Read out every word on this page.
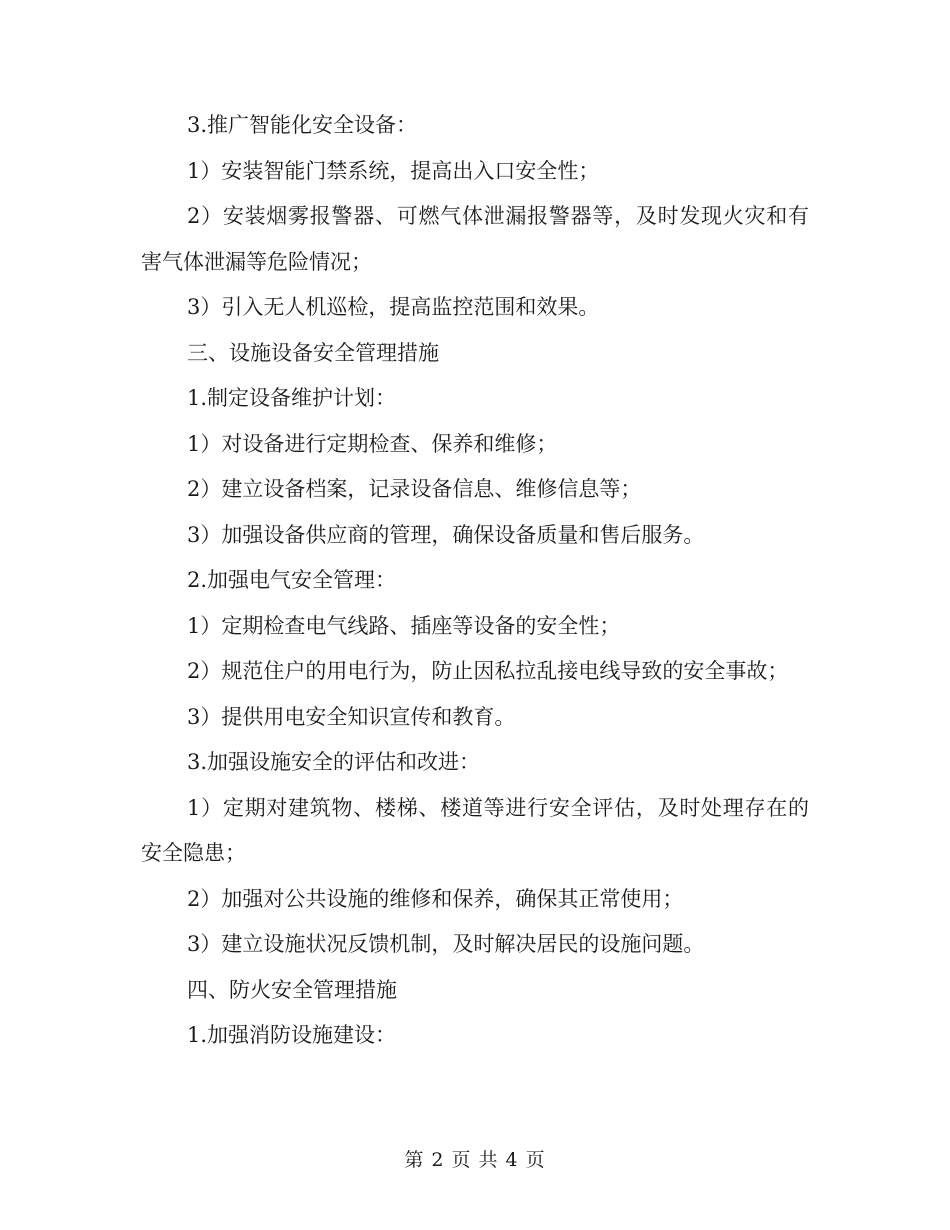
3.推广智能化安全设备：

1）安装智能门禁系统，提高出入口安全性；

2）安装烟雾报警器、可燃气体泄漏报警器等，及时发现火灾和有害气体泄漏等危险情况；

3）引入无人机巡检，提高监控范围和效果。

三、设施设备安全管理措施

1.制定设备维护计划：

1）对设备进行定期检查、保养和维修；

2）建立设备档案，记录设备信息、维修信息等；

3）加强设备供应商的管理，确保设备质量和售后服务。

2.加强电气安全管理：

1）定期检查电气线路、插座等设备的安全性；

2）规范住户的用电行为，防止因私拉乱接电线导致的安全事故；

3）提供用电安全知识宣传和教育。

3.加强设施安全的评估和改进：

1）定期对建筑物、楼梯、楼道等进行安全评估，及时处理存在的安全隐患；

2）加强对公共设施的维修和保养，确保其正常使用；

3）建立设施状况反馈机制，及时解决居民的设施问题。

四、防火安全管理措施

1.加强消防设施建设：

第 2 页 共 4 页
